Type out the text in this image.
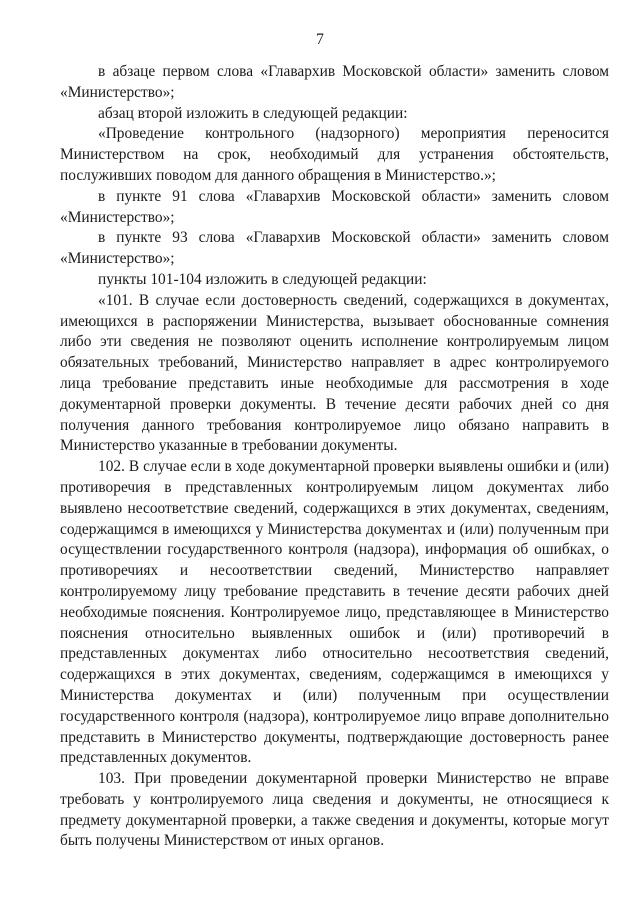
7

в абзаце первом слова «Главархив Московской области» заменить словом «Министерство»;

абзац второй изложить в следующей редакции:

«Проведение контрольного (надзорного) мероприятия переносится Министерством на срок, необходимый для устранения обстоятельств, послуживших поводом для данного обращения в Министерство.»;

в пункте 91 слова «Главархив Московской области» заменить словом «Министерство»;

в пункте 93 слова «Главархив Московской области» заменить словом «Министерство»;

пункты 101-104 изложить в следующей редакции:

«101. В случае если достоверность сведений, содержащихся в документах, имеющихся в распоряжении Министерства, вызывает обоснованные сомнения либо эти сведения не позволяют оценить исполнение контролируемым лицом обязательных требований, Министерство направляет в адрес контролируемого лица требование представить иные необходимые для рассмотрения в ходе документарной проверки документы. В течение десяти рабочих дней со дня получения данного требования контролируемое лицо обязано направить в Министерство указанные в требовании документы.

102. В случае если в ходе документарной проверки выявлены ошибки и (или) противоречия в представленных контролируемым лицом документах либо выявлено несоответствие сведений, содержащихся в этих документах, сведениям, содержащимся в имеющихся у Министерства документах и (или) полученным при осуществлении государственного контроля (надзора), информация об ошибках, о противоречиях и несоответствии сведений, Министерство направляет контролируемому лицу требование представить в течение десяти рабочих дней необходимые пояснения. Контролируемое лицо, представляющее в Министерство пояснения относительно выявленных ошибок и (или) противоречий в представленных документах либо относительно несоответствия сведений, содержащихся в этих документах, сведениям, содержащимся в имеющихся у Министерства документах и (или) полученным при осуществлении государственного контроля (надзора), контролируемое лицо вправе дополнительно представить в Министерство документы, подтверждающие достоверность ранее представленных документов.

103. При проведении документарной проверки Министерство не вправе требовать у контролируемого лица сведения и документы, не относящиеся к предмету документарной проверки, а также сведения и документы, которые могут быть получены Министерством от иных органов.
